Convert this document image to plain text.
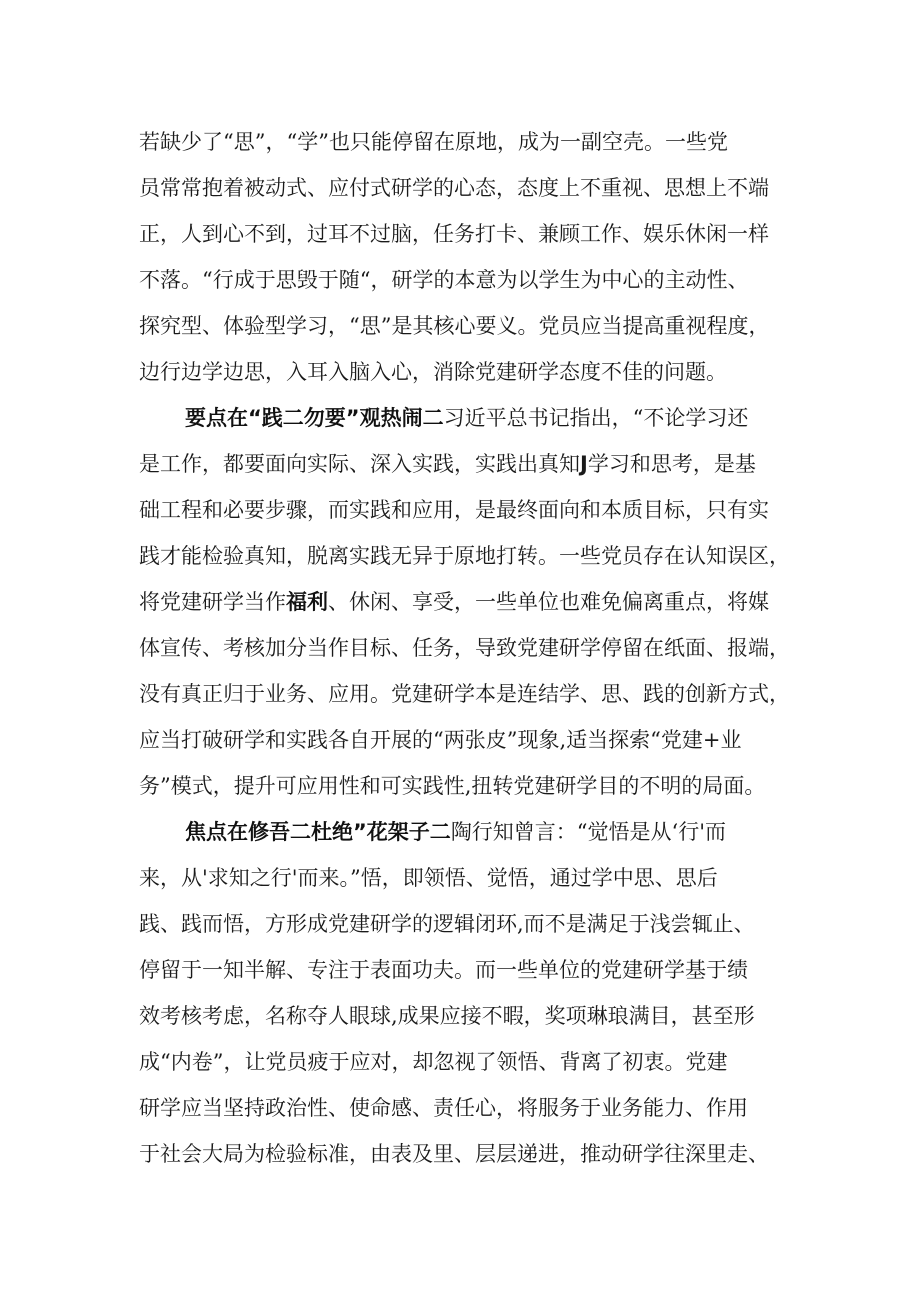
若缺少了“思”，“学”也只能停留在原地，成为一副空壳。一些党
员常常抱着被动式、应付式研学的心态，态度上不重视、思想上不端
正，人到心不到，过耳不过脑，任务打卡、兼顾工作、娱乐休闲一样
不落。“行成于思毁于随“，研学的本意为以学生为中心的主动性、
探究型、体验型学习，“思”是其核心要义。党员应当提高重视程度，
边行边学边思，入耳入脑入心，消除党建研学态度不佳的问题。
要点在“践二勿要”观热闹二习近平总书记指出，“不论学习还
是工作，都要面向实际、深入实践，实践出真知J学习和思考，是基
础工程和必要步骤，而实践和应用，是最终面向和本质目标，只有实
践才能检验真知，脱离实践无异于原地打转。一些党员存在认知误区，
将党建研学当作福利、休闲、享受，一些单位也难免偏离重点，将媒
体宣传、考核加分当作目标、任务，导致党建研学停留在纸面、报端，
没有真正归于业务、应用。党建研学本是连结学、思、践的创新方式，
应当打破研学和实践各自开展的“两张皮”现象,适当探索“党建+业
务”模式，提升可应用性和可实践性,扭转党建研学目的不明的局面。
焦点在修吾二杜绝”花架子二陶行知曾言：“觉悟是从‘行'而
来，从'求知之行'而来。”悟，即领悟、觉悟，通过学中思、思后
践、践而悟，方形成党建研学的逻辑闭环,而不是满足于浅尝辄止、
停留于一知半解、专注于表面功夫。而一些单位的党建研学基于绩
效考核考虑，名称夺人眼球,成果应接不暇，奖项琳琅满目，甚至形
成“内卷”，让党员疲于应对，却忽视了领悟、背离了初衷。党建
研学应当坚持政治性、使命感、责任心，将服务于业务能力、作用
于社会大局为检验标准，由表及里、层层递进，推动研学往深里走、
